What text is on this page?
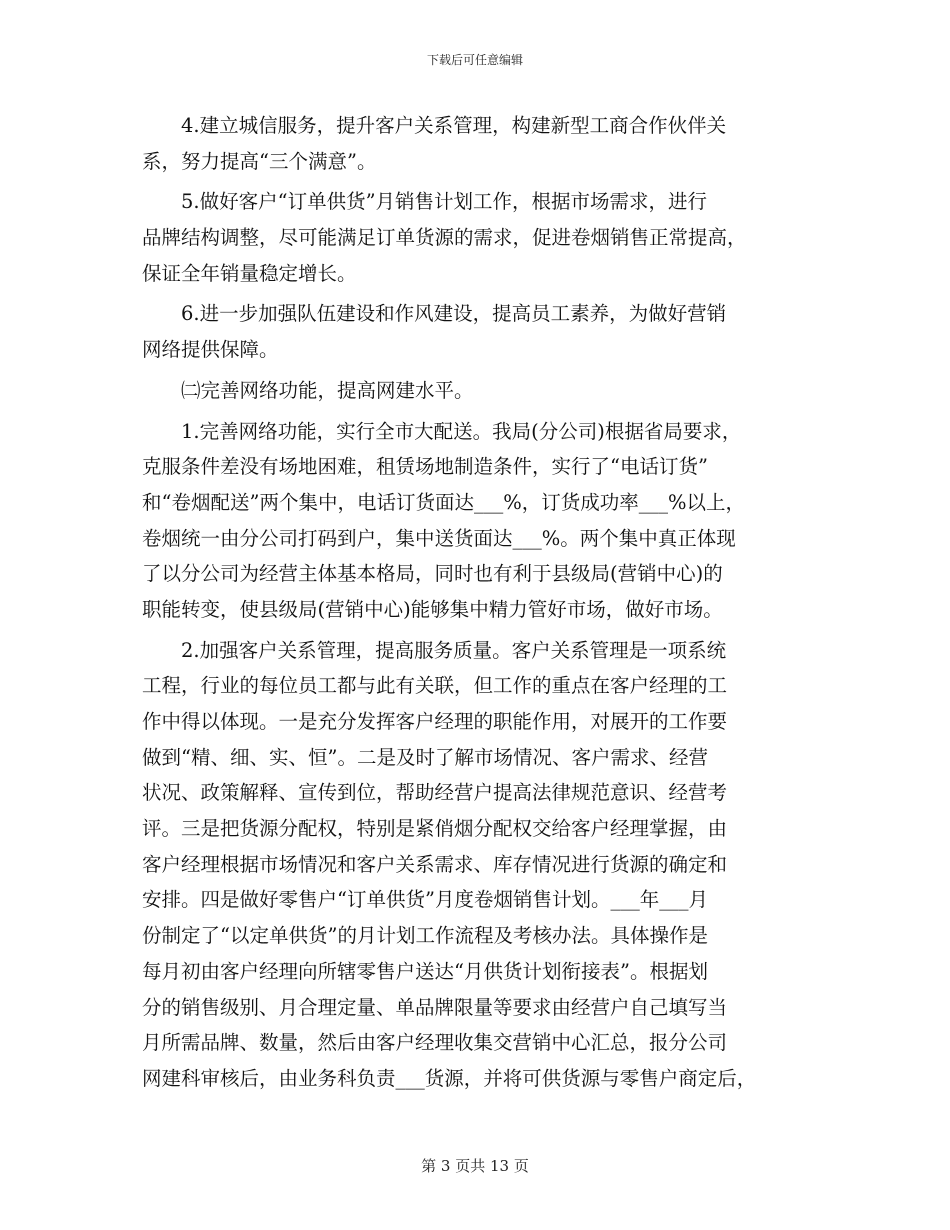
下载后可任意编辑
　　4.建立城信服务，提升客户关系管理，构建新型工商合作伙伴关
系，努力提高“三个满意”。
　　5.做好客户“订单供货”月销售计划工作，根据市场需求，进行
品牌结构调整，尽可能满足订单货源的需求，促进卷烟销售正常提高，
保证全年销量稳定增长。
　　6.进一步加强队伍建设和作风建设，提高员工素养，为做好营销
网络提供保障。
　　㈡完善网络功能，提高网建水平。
　　1.完善网络功能，实行全市大配送。我局(分公司)根据省局要求，
克服条件差没有场地困难，租赁场地制造条件，实行了“电话订货”
和“卷烟配送”两个集中，电话订货面达___%，订货成功率___%以上，
卷烟统一由分公司打码到户，集中送货面达___%。两个集中真正体现
了以分公司为经营主体基本格局，同时也有利于县级局(营销中心)的
职能转变，使县级局(营销中心)能够集中精力管好市场，做好市场。
　　2.加强客户关系管理，提高服务质量。客户关系管理是一项系统
工程，行业的每位员工都与此有关联，但工作的重点在客户经理的工
作中得以体现。一是充分发挥客户经理的职能作用，对展开的工作要
做到“精、细、实、恒”。二是及时了解市场情况、客户需求、经营
状况、政策解释、宣传到位，帮助经营户提高法律规范意识、经营考
评。三是把货源分配权，特别是紧俏烟分配权交给客户经理掌握，由
客户经理根据市场情况和客户关系需求、库存情况进行货源的确定和
安排。四是做好零售户“订单供货”月度卷烟销售计划。___年___月
份制定了“以定单供货”的月计划工作流程及考核办法。具体操作是
每月初由客户经理向所辖零售户送达“月供货计划衔接表”。根据划
分的销售级别、月合理定量、单品牌限量等要求由经营户自己填写当
月所需品牌、数量，然后由客户经理收集交营销中心汇总，报分公司
网建科审核后，由业务科负责___货源，并将可供货源与零售户商定后，
第 3 页共 13 页
